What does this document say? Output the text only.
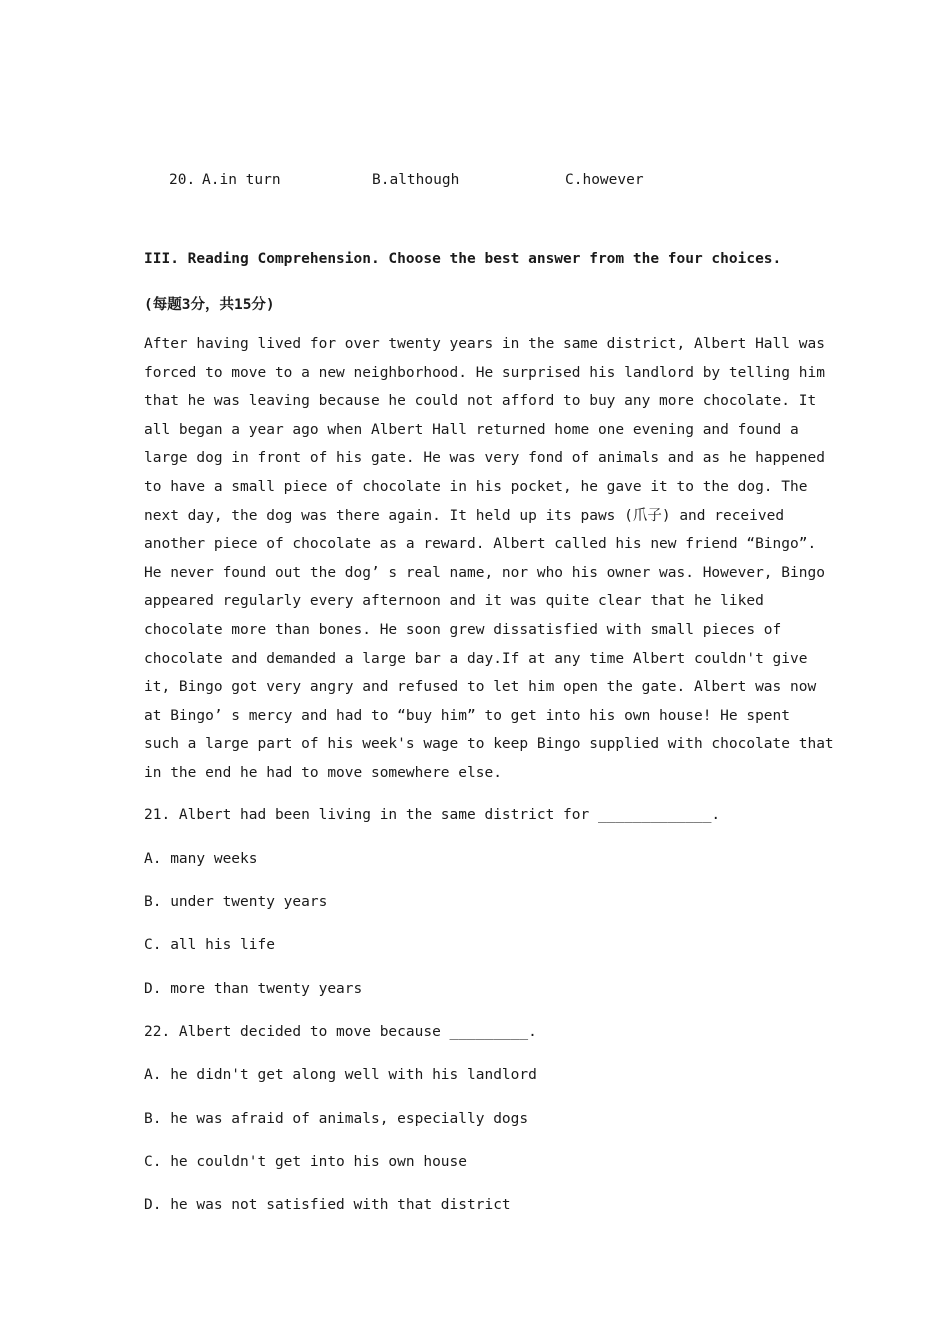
20. A.in turn	B.although	C.however
III. Reading Comprehension. Choose the best answer from the four choices.
(每题3分，共15分)
After having lived for over twenty years in the same district, Albert Hall was
forced to move to a new neighborhood. He surprised his landlord by telling him
that he was leaving because he could not afford to buy any more chocolate. It
all began a year ago when Albert Hall returned home one evening and found a
large dog in front of his gate. He was very fond of animals and as he happened
to have a small piece of chocolate in his pocket, he gave it to the dog. The
next day, the dog was there again. It held up its paws (爪子) and received
another piece of chocolate as a reward. Albert called his new friend “Bingo”.
He never found out the dog’ s real name, nor who his owner was. However, Bingo
appeared regularly every afternoon and it was quite clear that he liked
chocolate more than bones. He soon grew dissatisfied with small pieces of
chocolate and demanded a large bar a day.If at any time Albert couldn't give
it, Bingo got very angry and refused to let him open the gate. Albert was now
at Bingo’ s mercy and had to “buy him” to get into his own house! He spent
such a large part of his week's wage to keep Bingo supplied with chocolate that
in the end he had to move somewhere else.
21. Albert had been living in the same district for _____________.
A. many weeks
B. under twenty years
C. all his life
D. more than twenty years
22. Albert decided to move because _________.
A. he didn't get along well with his landlord
B. he was afraid of animals, especially dogs
C. he couldn't get into his own house
D. he was not satisfied with that district
